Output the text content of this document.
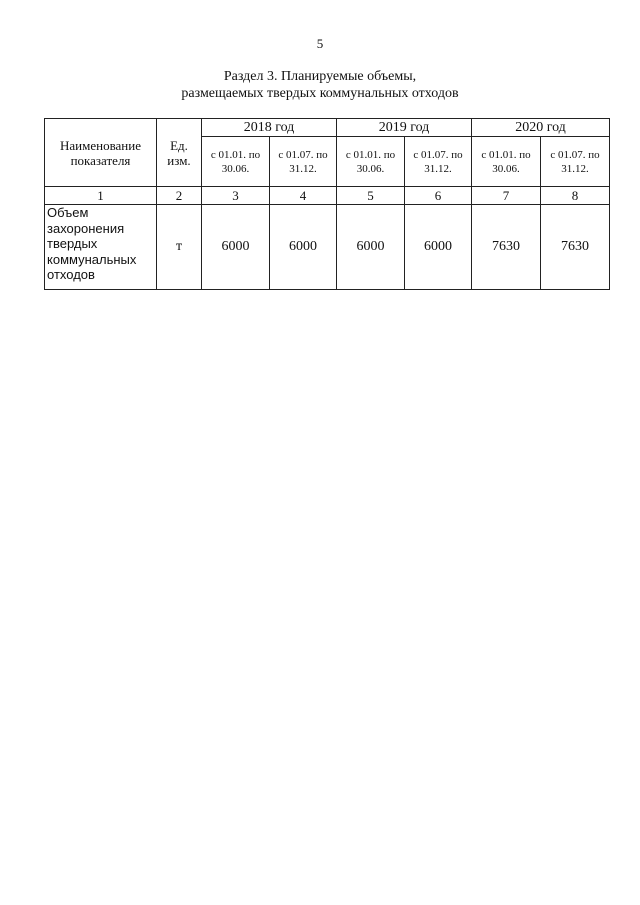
5
Раздел 3. Планируемые объемы,
размещаемых твердых коммунальных отходов
Наименование показателя	Ед. изм.	2018 год		2019 год		2020 год	
		с 01.01. по 30.06.	с 01.07. по 31.12.	с 01.01. по 30.06.	с 01.07. по 31.12.	с 01.01. по 30.06.	с 01.07. по 31.12.
1	2	3	4	5	6	7	8
Объем захоронения твердых коммунальных отходов	т	6000	6000	6000	6000	7630	7630
